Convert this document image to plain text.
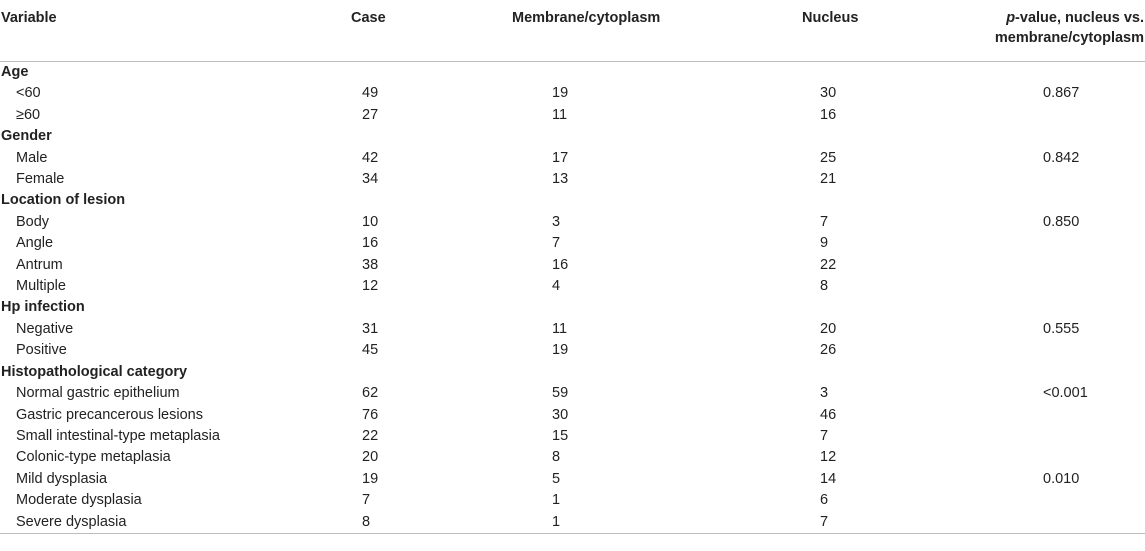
Variable	Case	Membrane/cytoplasm	Nucleus	p-value, nucleus vs.
membrane/cytoplasm
Age				
<60	49	19	30	0.867
≥60	27	11	16	
Gender				
Male	42	17	25	0.842
Female	34	13	21	
Location of lesion				
Body	10	3	7	0.850
Angle	16	7	9	
Antrum	38	16	22	
Multiple	12	4	8	
Hp infection				
Negative	31	11	20	0.555
Positive	45	19	26	
Histopathological category				
Normal gastric epithelium	62	59	3	<0.001
Gastric precancerous lesions	76	30	46	
Small intestinal-type metaplasia	22	15	7	
Colonic-type metaplasia	20	8	12	
Mild dysplasia	19	5	14	0.010
Moderate dysplasia	7	1	6	
Severe dysplasia	8	1	7	
